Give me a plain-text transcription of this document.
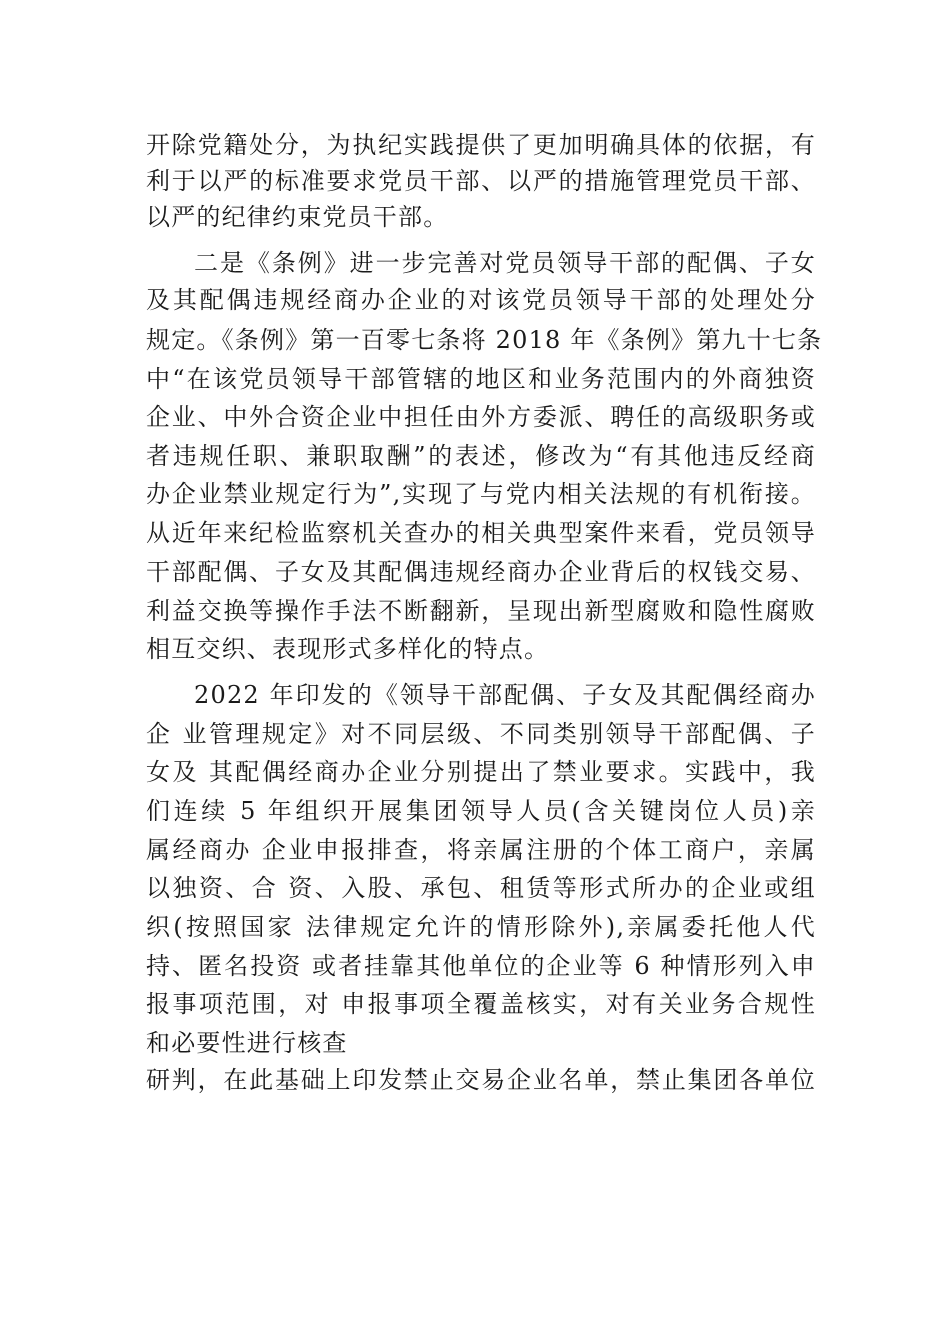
开除党籍处分，为执纪实践提供了更加明确具体的依据，有
利于以严的标准要求党员干部、以严的措施管理党员干部、
以严的纪律约束党员干部。
二是《条例》进一步完善对党员领导干部的配偶、子女
及其配偶违规经商办企业的对该党员领导干部的处理处分
规定。《条例》第一百零七条将 2018 年《条例》第九十七条
中“在该党员领导干部管辖的地区和业务范围内的外商独资
企业、中外合资企业中担任由外方委派、聘任的高级职务或
者违规任职、兼职取酬”的表述，修改为“有其他违反经商
办企业禁业规定行为”,实现了与党内相关法规的有机衔接。
从近年来纪检监察机关查办的相关典型案件来看，党员领导
干部配偶、子女及其配偶违规经商办企业背后的权钱交易、
利益交换等操作手法不断翻新，呈现出新型腐败和隐性腐败
相互交织、表现形式多样化的特点。
2022 年印发的《领导干部配偶、子女及其配偶经商办
企 业管理规定》对不同层级、不同类别领导干部配偶、子
女及 其配偶经商办企业分别提出了禁业要求。实践中，我
们连续 5 年组织开展集团领导人员(含关键岗位人员)亲
属经商办 企业申报排查，将亲属注册的个体工商户，亲属
以独资、合 资、入股、承包、租赁等形式所办的企业或组
织(按照国家 法律规定允许的情形除外),亲属委托他人代
持、匿名投资 或者挂靠其他单位的企业等 6 种情形列入申
报事项范围，对 申报事项全覆盖核实，对有关业务合规性
和必要性进行核查
研判，在此基础上印发禁止交易企业名单，禁止集团各单位
